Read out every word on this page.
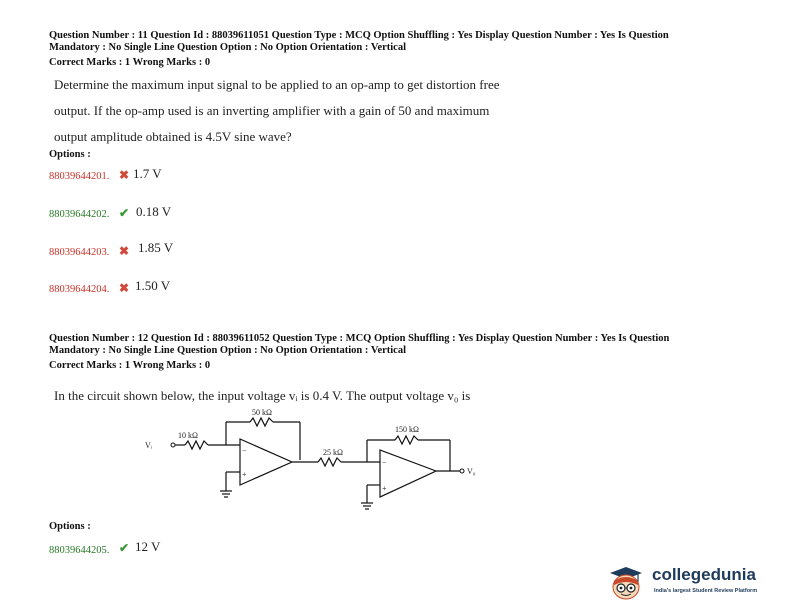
Question Number : 11 Question Id : 88039611051 Question Type : MCQ Option Shuffling : Yes Display Question Number : Yes Is Question
Mandatory : No Single Line Question Option : No Option Orientation : Vertical
Correct Marks : 1 Wrong Marks : 0
Determine the maximum input signal to be applied to an op-amp to get distortion free
output. If the op-amp used is an inverting amplifier with a gain of 50 and maximum
output amplitude obtained is 4.5V sine wave?
Options :
88039644201. ✖ 1.7 V
88039644202. ✔ 0.18 V
88039644203. ✖ 1.85 V
88039644204. ✖ 1.50 V
Question Number : 12 Question Id : 88039611052 Question Type : MCQ Option Shuffling : Yes Display Question Number : Yes Is Question
Mandatory : No Single Line Question Option : No Option Orientation : Vertical
Correct Marks : 1 Wrong Marks : 0
In the circuit shown below, the input voltage vᵢ is 0.4 V. The output voltage v₀ is
−
+
−
+
50 kΩ
10 kΩ
25 kΩ
150 kΩ
Vᵢ
V₀
Options :
88039644205. ✔ 12 V
collegedunia
India's largest Student Review Platform
